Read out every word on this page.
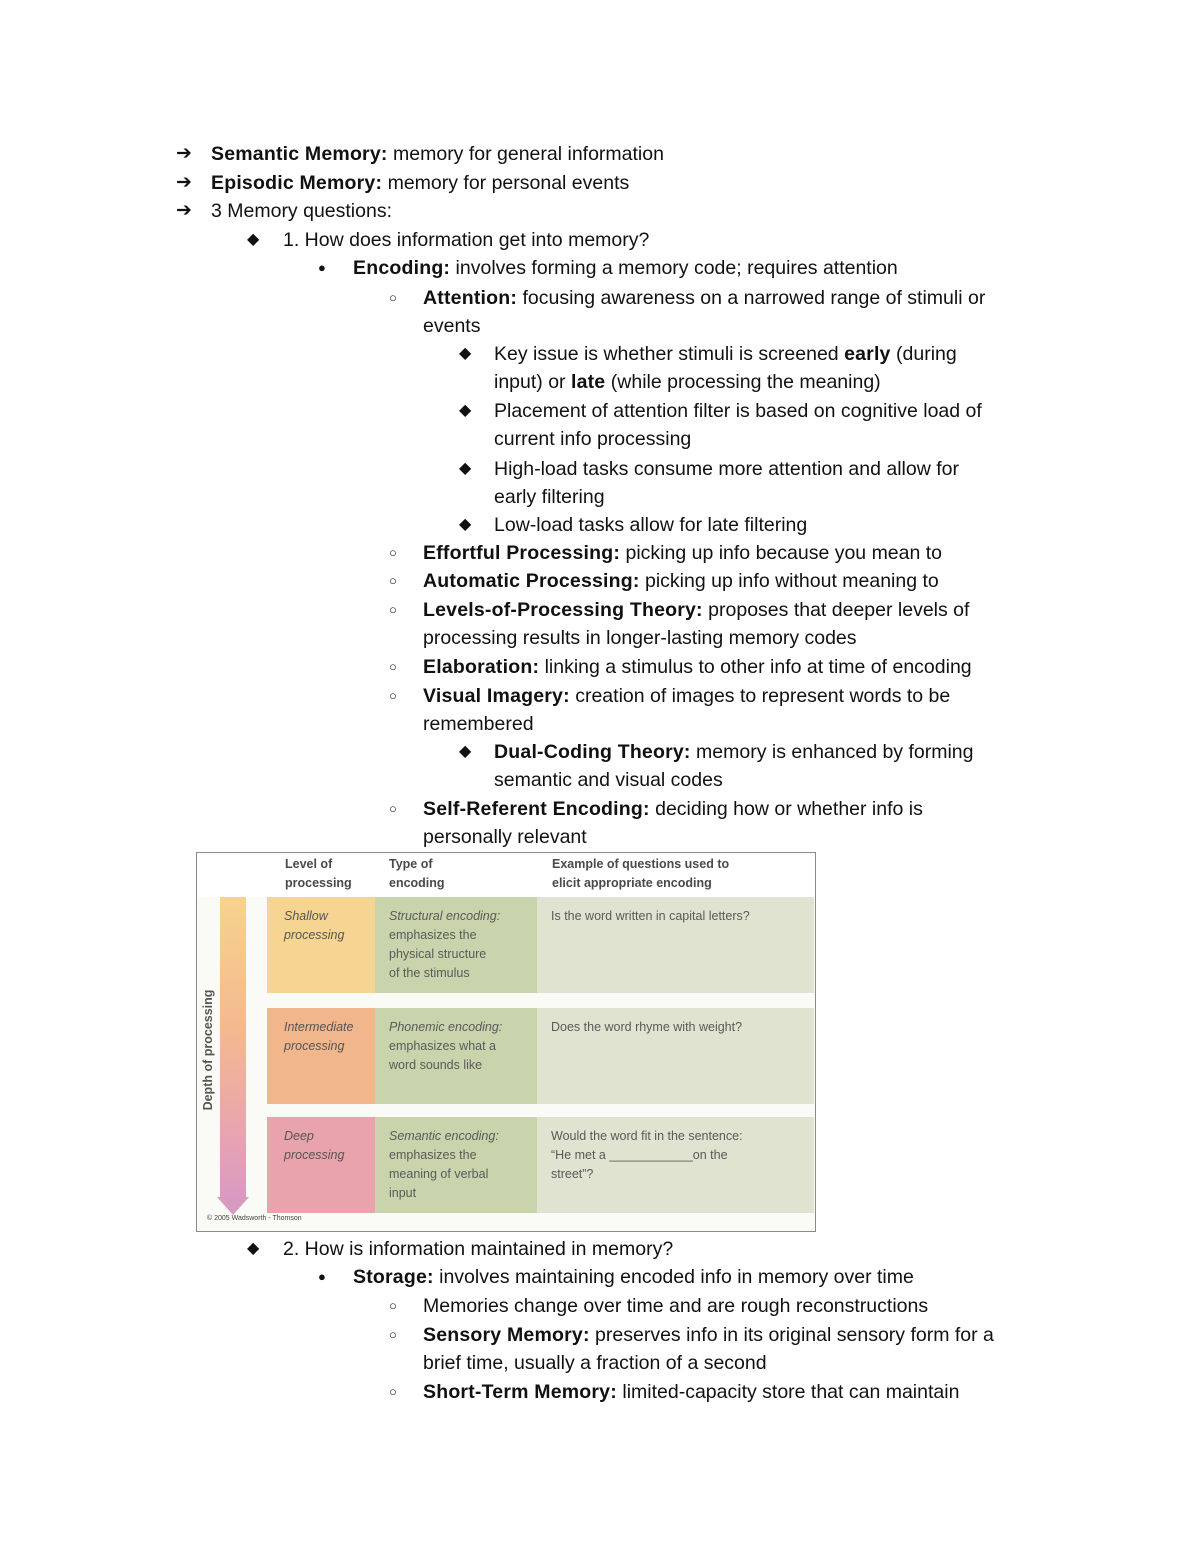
➔ Semantic Memory: memory for general information
➔ Episodic Memory: memory for personal events
➔ 3 Memory questions:
◆ 1. How does information get into memory?
● Encoding: involves forming a memory code; requires attention
○ Attention: focusing awareness on a narrowed range of stimuli or
events
◆ Key issue is whether stimuli is screened early (during
input) or late (while processing the meaning)
◆ Placement of attention filter is based on cognitive load of
current info processing
◆ High-load tasks consume more attention and allow for
early filtering
◆ Low-load tasks allow for late filtering
○ Effortful Processing: picking up info because you mean to
○ Automatic Processing: picking up info without meaning to
○ Levels-of-Processing Theory: proposes that deeper levels of
processing results in longer-lasting memory codes
○ Elaboration: linking a stimulus to other info at time of encoding
○ Visual Imagery: creation of images to represent words to be
remembered
◆ Dual-Coding Theory: memory is enhanced by forming
semantic and visual codes
○ Self-Referent Encoding: deciding how or whether info is
personally relevant
Level of
processing
Type of
encoding
Example of questions used to
elicit appropriate encoding
Depth of processing
Shallow
processing
Structural encoding:
emphasizes the
physical structure
of the stimulus
Is the word written in capital letters?
Intermediate
processing
Phonemic encoding:
emphasizes what a
word sounds like
Does the word rhyme with weight?
Deep
processing
Semantic encoding:
emphasizes the
meaning of verbal
input
Would the word fit in the sentence:
“He met a ____________on the
street”?
© 2005 Wadsworth - Thomson
◆ 2. How is information maintained in memory?
● Storage: involves maintaining encoded info in memory over time
○ Memories change over time and are rough reconstructions
○ Sensory Memory: preserves info in its original sensory form for a
brief time, usually a fraction of a second
○ Short-Term Memory: limited-capacity store that can maintain
